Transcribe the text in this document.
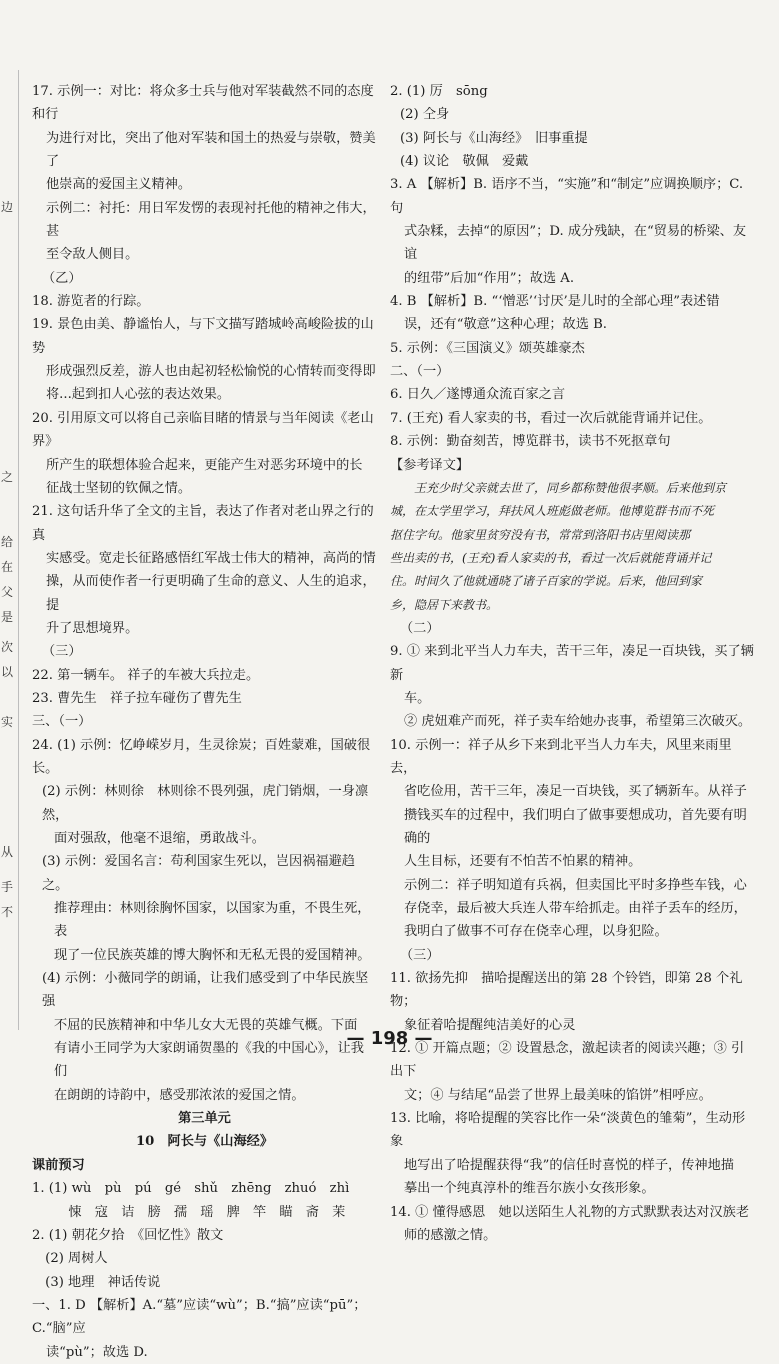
边
之
给
在
父
是
次
以
实
从
手
不

17. 示例一：对比：将众多士兵与他对军装截然不同的态度和行

为进行对比，突出了他对军装和国土的热爱与崇敬，赞美了

他崇高的爱国主义精神。

示例二：衬托：用日军发愣的表现衬托他的精神之伟大，甚

至令敌人侧目。

（乙）

18. 游览者的行踪。

19. 景色由美、静谧怡人，与下文描写踏城岭高峻险拔的山势

形成强烈反差，游人也由起初轻松愉悦的心情转而变得即

将...起到扣人心弦的表达效果。

20. 引用原文可以将自己亲临目睹的情景与当年阅读《老山界》

所产生的联想体验合起来，更能产生对恶劣环境中的长

征战士坚韧的钦佩之情。

21. 这句话升华了全文的主旨，表达了作者对老山界之行的真

实感受。宽走长征路感悟红军战士伟大的精神，高尚的情

操，从而使作者一行更明确了生命的意义、人生的追求，提

升了思想境界。

（三）

22. 第一辆车。 祥子的车被大兵拉走。

23. 曹先生　祥子拉车碰伤了曹先生

三、（一）

24. (1) 示例：忆峥嵘岁月，生灵徐炭；百姓蒙难，国破很长。

(2) 示例：林则徐　林则徐不畏列强，虎门销烟，一身凛然，

面对强敌，他毫不退缩，勇敢战斗。

(3) 示例：爱国名言：苟利国家生死以，岂因祸福避趋之。

推荐理由：林则徐胸怀国家，以国家为重，不畏生死，表

现了一位民族英雄的博大胸怀和无私无畏的爱国精神。

(4) 示例：小薇同学的朗诵，让我们感受到了中华民族坚强

不屈的民族精神和中华儿女大无畏的英雄气概。下面

有请小王同学为大家朗诵贺墨的《我的中国心》，让我们

在朗朗的诗韵中，感受那浓浓的爱国之情。

第三单元

10　阿长与《山海经》

课前预习

1. (1) wù　pù　pú　gé　shǔ　zhēng　zhuó　zhì

　　悚　寇　诘　膀　孺　瑶　脾　竿　瞄　斋　茉

2. (1) 朝花夕拾　《回忆性》散文

　(2) 周树人

　(3) 地理　神话传说

一、1. D 【解析】A.“墓”应读“wù”；B.“搞”应读“pū”；C.“脑”应

读“pù”；故选 D.

2. (1) 厉　sōng

(2) 仝身

(3) 阿长与《山海经》　旧事重提

(4) 议论　敬佩　爱戴

3. A 【解析】B. 语序不当，“实施”和“制定”应调换顺序；C. 句

式杂糅，去掉“的原因”；D. 成分残缺，在“贸易的桥梁、友谊

的纽带”后加“作用”；故选 A.

4. B 【解析】B. “‘憎恶’‘讨厌’是儿时的全部心理”表述错

误，还有“敬意”这种心理；故选 B.

5. 示例：《三国演义》颂英雄豪杰

二、（一）

6. 日久／遂博通众流百家之言

7. (王充) 看人家卖的书，看过一次后就能背诵并记住。

8. 示例：勤奋刻苦，博览群书，读书不死抠章句

【参考译文】

　　王充少时父亲就去世了，同乡都称赞他很孝顺。后来他到京

城，在太学里学习，拜扶风人班彪做老师。他博览群书而不死

抠住字句。他家里贫穷没有书，常常到洛阳书店里阅读那

些出卖的书，(王充)看人家卖的书，看过一次后就能背诵并记

住。时间久了他就通晓了诸子百家的学说。后来，他回到家

乡，隐居下来教书。

（二）

9. ① 来到北平当人力车夫，苦干三年，凑足一百块钱，买了辆新

车。

② 虎妞难产而死，祥子卖车给她办丧事，希望第三次破灭。

10. 示例一：祥子从乡下来到北平当人力车夫，风里来雨里去，

省吃俭用，苦干三年，凑足一百块钱，买了辆新车。从祥子

攒钱买车的过程中，我们明白了做事要想成功，首先要有明确的

人生目标，还要有不怕苦不怕累的精神。

示例二：祥子明知道有兵祸，但卖国比平时多挣些车钱，心

存侥幸，最后被大兵连人带车给抓走。由祥子丢车的经历，

我明白了做事不可存在侥幸心理，以身犯险。

（三）

11. 欲扬先抑　描哈提醒送出的第 28 个铃铛，即第 28 个礼物；

象征着哈提醒纯洁美好的心灵

12. ① 开篇点题；② 设置悬念，激起读者的阅读兴趣；③ 引出下

文；④ 与结尾“品尝了世界上最美味的馅饼”相呼应。

13. 比喻，将哈提醒的笑容比作一朵“淡黄色的雏菊”，生动形象

地写出了哈提醒获得“我”的信任时喜悦的样子，传神地描

摹出一个纯真淳朴的维吾尔族小女孩形象。

14. ① 懂得感恩　她以送陌生人礼物的方式默默表达对汉族老

师的感激之情。

— 198 —
